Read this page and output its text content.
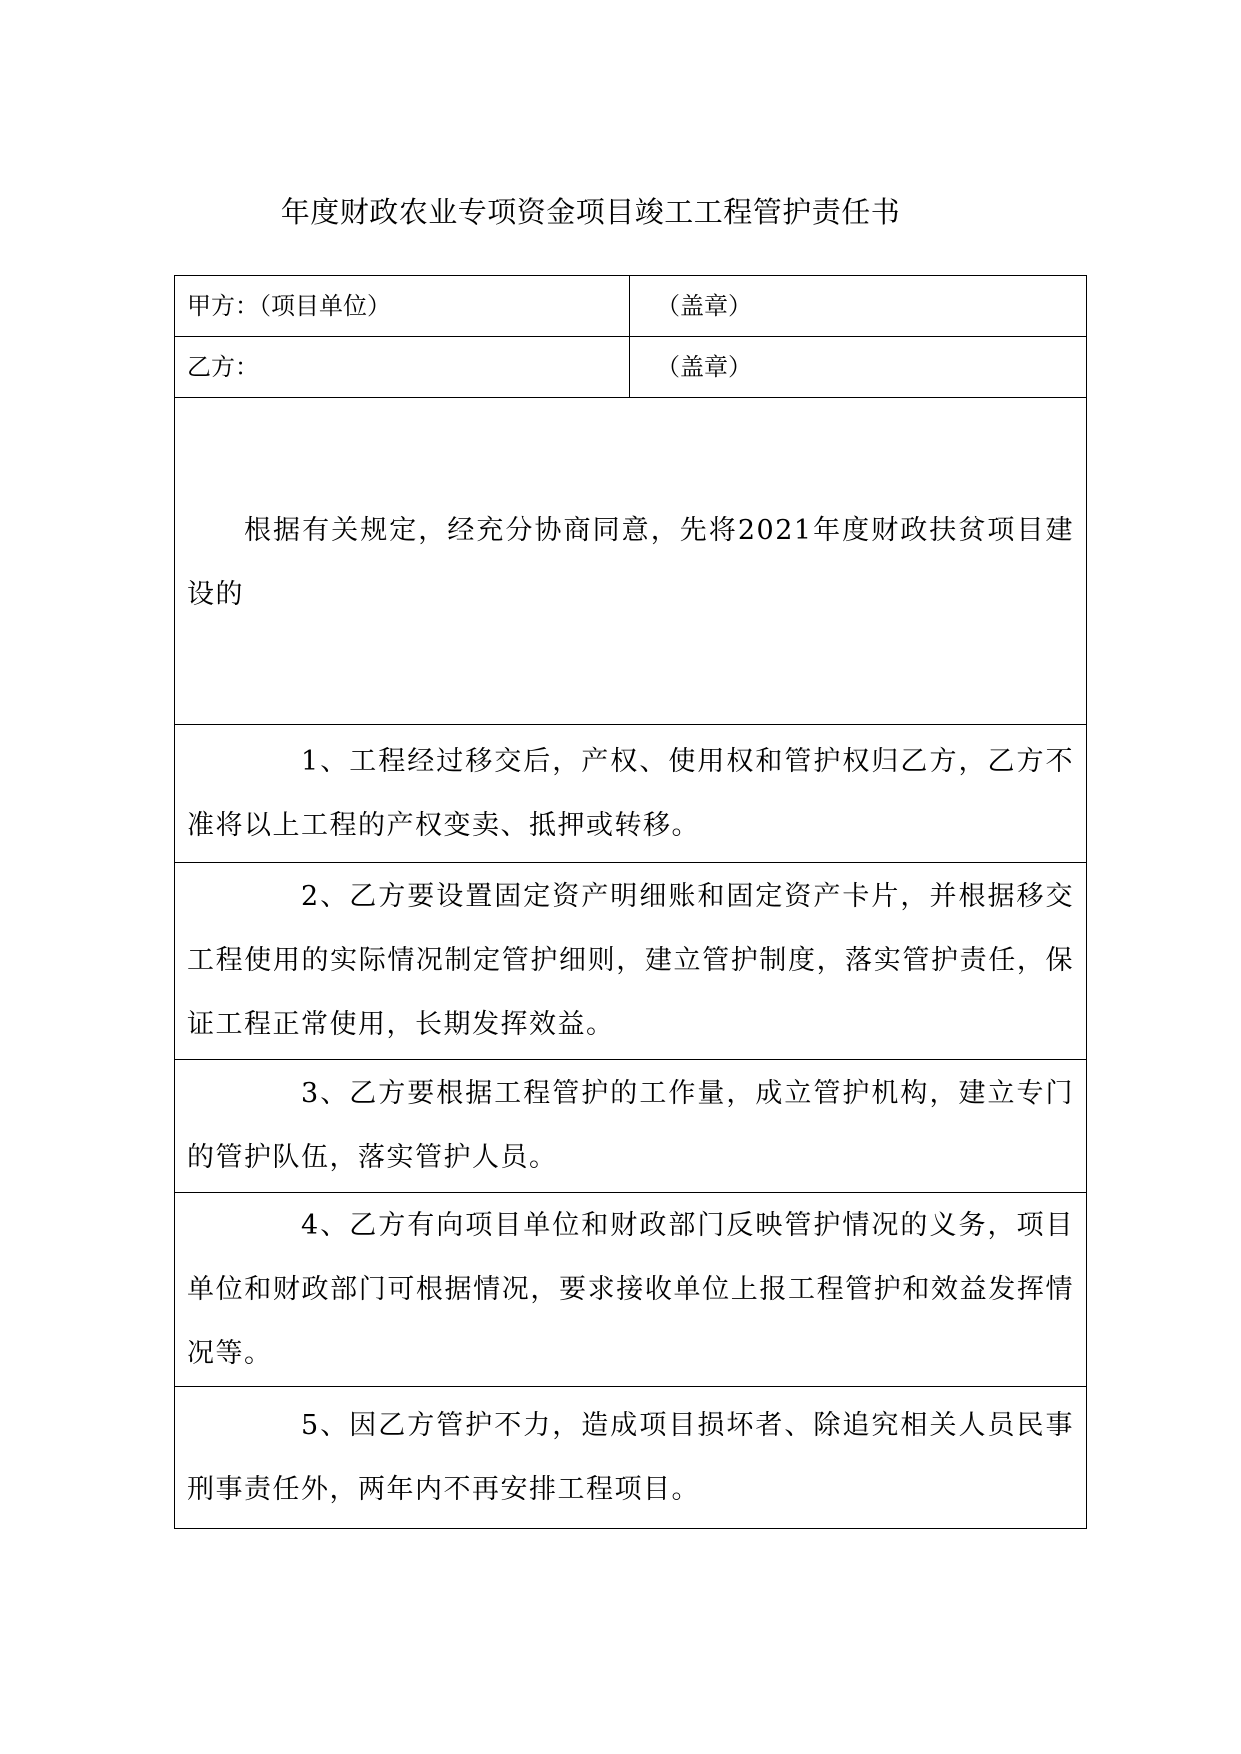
年度财政农业专项资金项目竣工工程管护责任书
甲方：（项目单位）	（盖章）
乙方：	（盖章）

根据有关规定，经充分协商同意，先将2021年度财政扶贫项目建设的	

1、工程经过移交后，产权、使用权和管护权归乙方，乙方不准将以上工程的产权变卖、抵押或转移。	

2、乙方要设置固定资产明细账和固定资产卡片，并根据移交工程使用的实际情况制定管护细则，建立管护制度，落实管护责任，保证工程正常使用，长期发挥效益。	

3、乙方要根据工程管护的工作量，成立管护机构，建立专门的管护队伍，落实管护人员。	

4、乙方有向项目单位和财政部门反映管护情况的义务，项目单位和财政部门可根据情况，要求接收单位上报工程管护和效益发挥情况等。	

5、因乙方管护不力，造成项目损坏者、除追究相关人员民事刑事责任外，两年内不再安排工程项目。	
